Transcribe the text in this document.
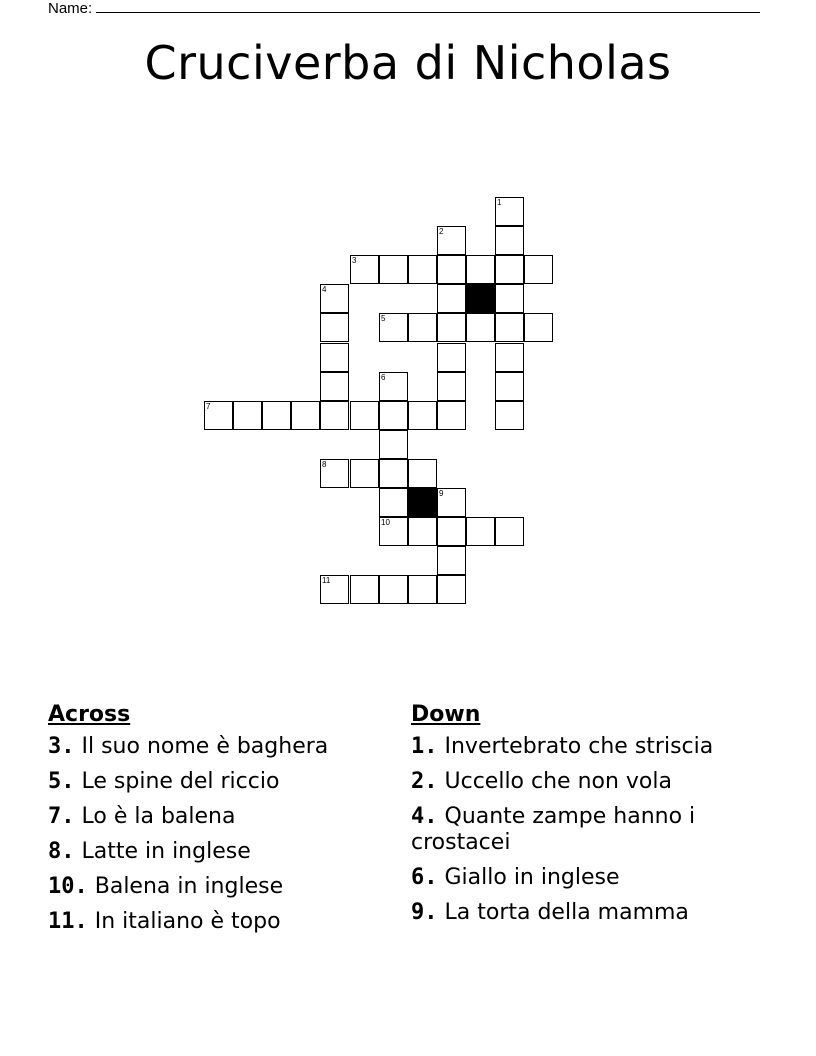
Name:
Cruciverba di Nicholas
1
2
3
4
5
6
7
8
9
10
11
Across
3. Il suo nome è baghera
5. Le spine del riccio
7. Lo è la balena
8. Latte in inglese
10. Balena in inglese
11. In italiano è topo
Down
1. Invertebrato che striscia
2. Uccello che non vola
4. Quante zampe hanno i crostacei
6. Giallo in inglese
9. La torta della mamma
